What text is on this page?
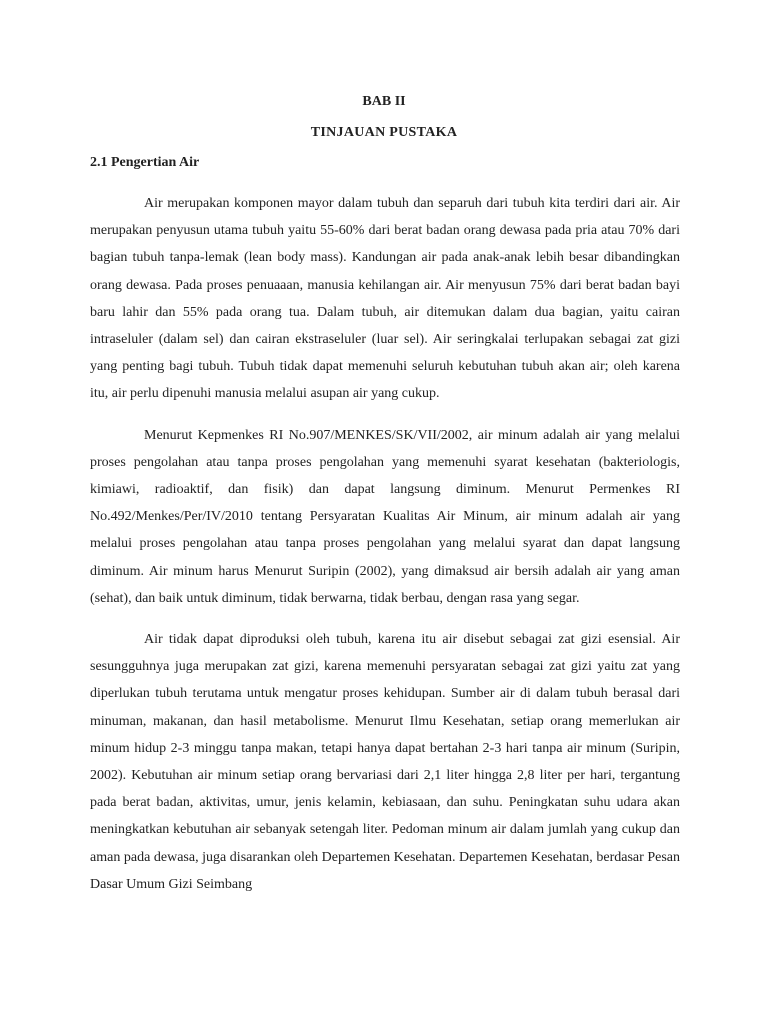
BAB II
TINJAUAN PUSTAKA
2.1 Pengertian Air

Air merupakan komponen mayor dalam tubuh dan separuh dari tubuh kita terdiri dari air. Air merupakan penyusun utama tubuh yaitu 55-60% dari berat badan orang dewasa pada pria atau 70% dari bagian tubuh tanpa-lemak (lean body mass). Kandungan air pada anak-anak lebih besar dibandingkan orang dewasa. Pada proses penuaaan, manusia kehilangan air. Air menyusun 75% dari berat badan bayi baru lahir dan 55% pada orang tua. Dalam tubuh, air ditemukan dalam dua bagian, yaitu cairan intraseluler (dalam sel) dan cairan ekstraseluler (luar sel). Air seringkalai terlupakan sebagai zat gizi yang penting bagi tubuh. Tubuh tidak dapat memenuhi seluruh kebutuhan tubuh akan air; oleh karena itu, air perlu dipenuhi manusia melalui asupan air yang cukup.

Menurut Kepmenkes RI No.907/MENKES/SK/VII/2002, air minum adalah air yang melalui proses pengolahan atau tanpa proses pengolahan yang memenuhi syarat kesehatan (bakteriologis, kimiawi, radioaktif, dan fisik) dan dapat langsung diminum. Menurut Permenkes RI No.492/Menkes/Per/IV/2010 tentang Persyaratan Kualitas Air Minum, air minum adalah air yang melalui proses pengolahan atau tanpa proses pengolahan yang melalui syarat dan dapat langsung diminum. Air minum harus Menurut Suripin (2002), yang dimaksud air bersih adalah air yang aman (sehat), dan baik untuk diminum, tidak berwarna, tidak berbau, dengan rasa yang segar.

Air tidak dapat diproduksi oleh tubuh, karena itu air disebut sebagai zat gizi esensial. Air sesungguhnya juga merupakan zat gizi, karena memenuhi persyaratan sebagai zat gizi yaitu zat yang diperlukan tubuh terutama untuk mengatur proses kehidupan. Sumber air di dalam tubuh berasal dari minuman, makanan, dan hasil metabolisme. Menurut Ilmu Kesehatan, setiap orang memerlukan air minum hidup 2-3 minggu tanpa makan, tetapi hanya dapat bertahan 2-3 hari tanpa air minum (Suripin, 2002). Kebutuhan air minum setiap orang bervariasi dari 2,1 liter hingga 2,8 liter per hari, tergantung pada berat badan, aktivitas, umur, jenis kelamin, kebiasaan, dan suhu. Peningkatan suhu udara akan meningkatkan kebutuhan air sebanyak setengah liter. Pedoman minum air dalam jumlah yang cukup dan aman pada dewasa, juga disarankan oleh Departemen Kesehatan. Departemen Kesehatan, berdasar Pesan Dasar Umum Gizi Seimbang
